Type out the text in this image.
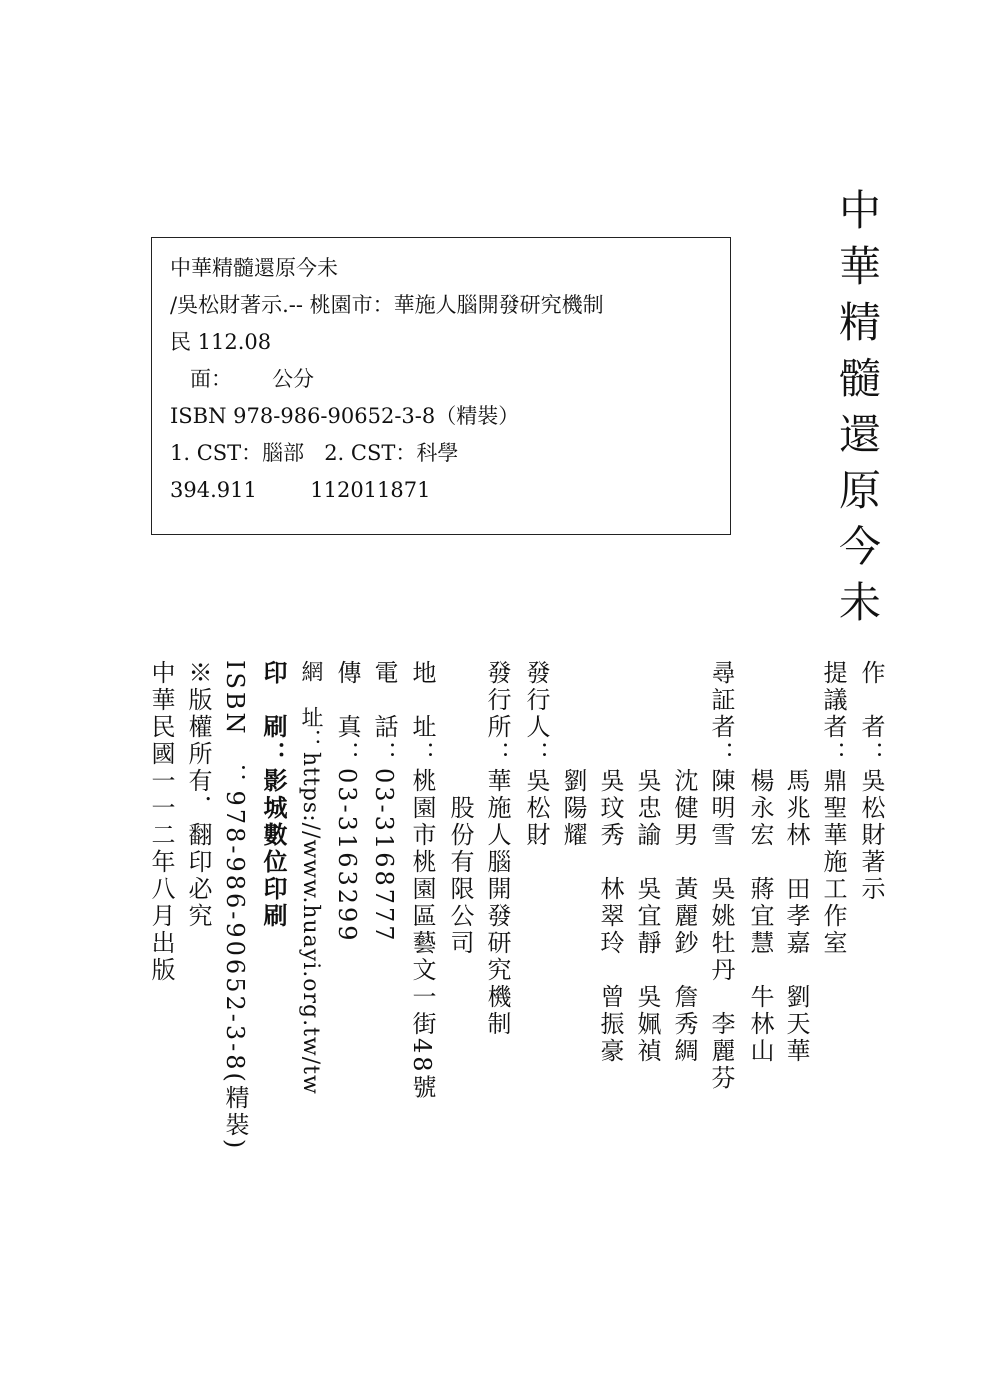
中華精髓還原今未
/吳松財著示.-- 桃園市：華施人腦開發研究機制
民 112.08
面：      公分
ISBN 978-986-90652-3-8（精裝）
1. CST：腦部   2. CST：科學
394.911        112011871
中
華
精
髓
還
原
今
未
作　者：吳松財著示
提議者：鼎聖華施工作室
　　　　馬兆林　田孝嘉　劉天華
　　　　楊永宏　蔣宜慧　牛林山
尋証者：陳明雪　吳姚牡丹　李麗芬
　　　　沈健男　黃麗鈔　詹秀綢
　　　　吳忠諭　吳宜靜　吳姵禎
　　　　吳玟秀　林翠玲　曾振豪
　　　　劉陽耀
發行人：吳松財
發行所：華施人腦開發研究機制
　　　　　股份有限公司
地　址：桃園市桃園區藝文一街48號
電　話：03-3168777
傳　真：03-3163299
網　址：https://www.huayi.org.tw/tw
印　刷：影城數位印刷
ISBN　：978-986-90652-3-8(精裝)
※版權所有．翻印必究
中華民國一一二年八月出版
